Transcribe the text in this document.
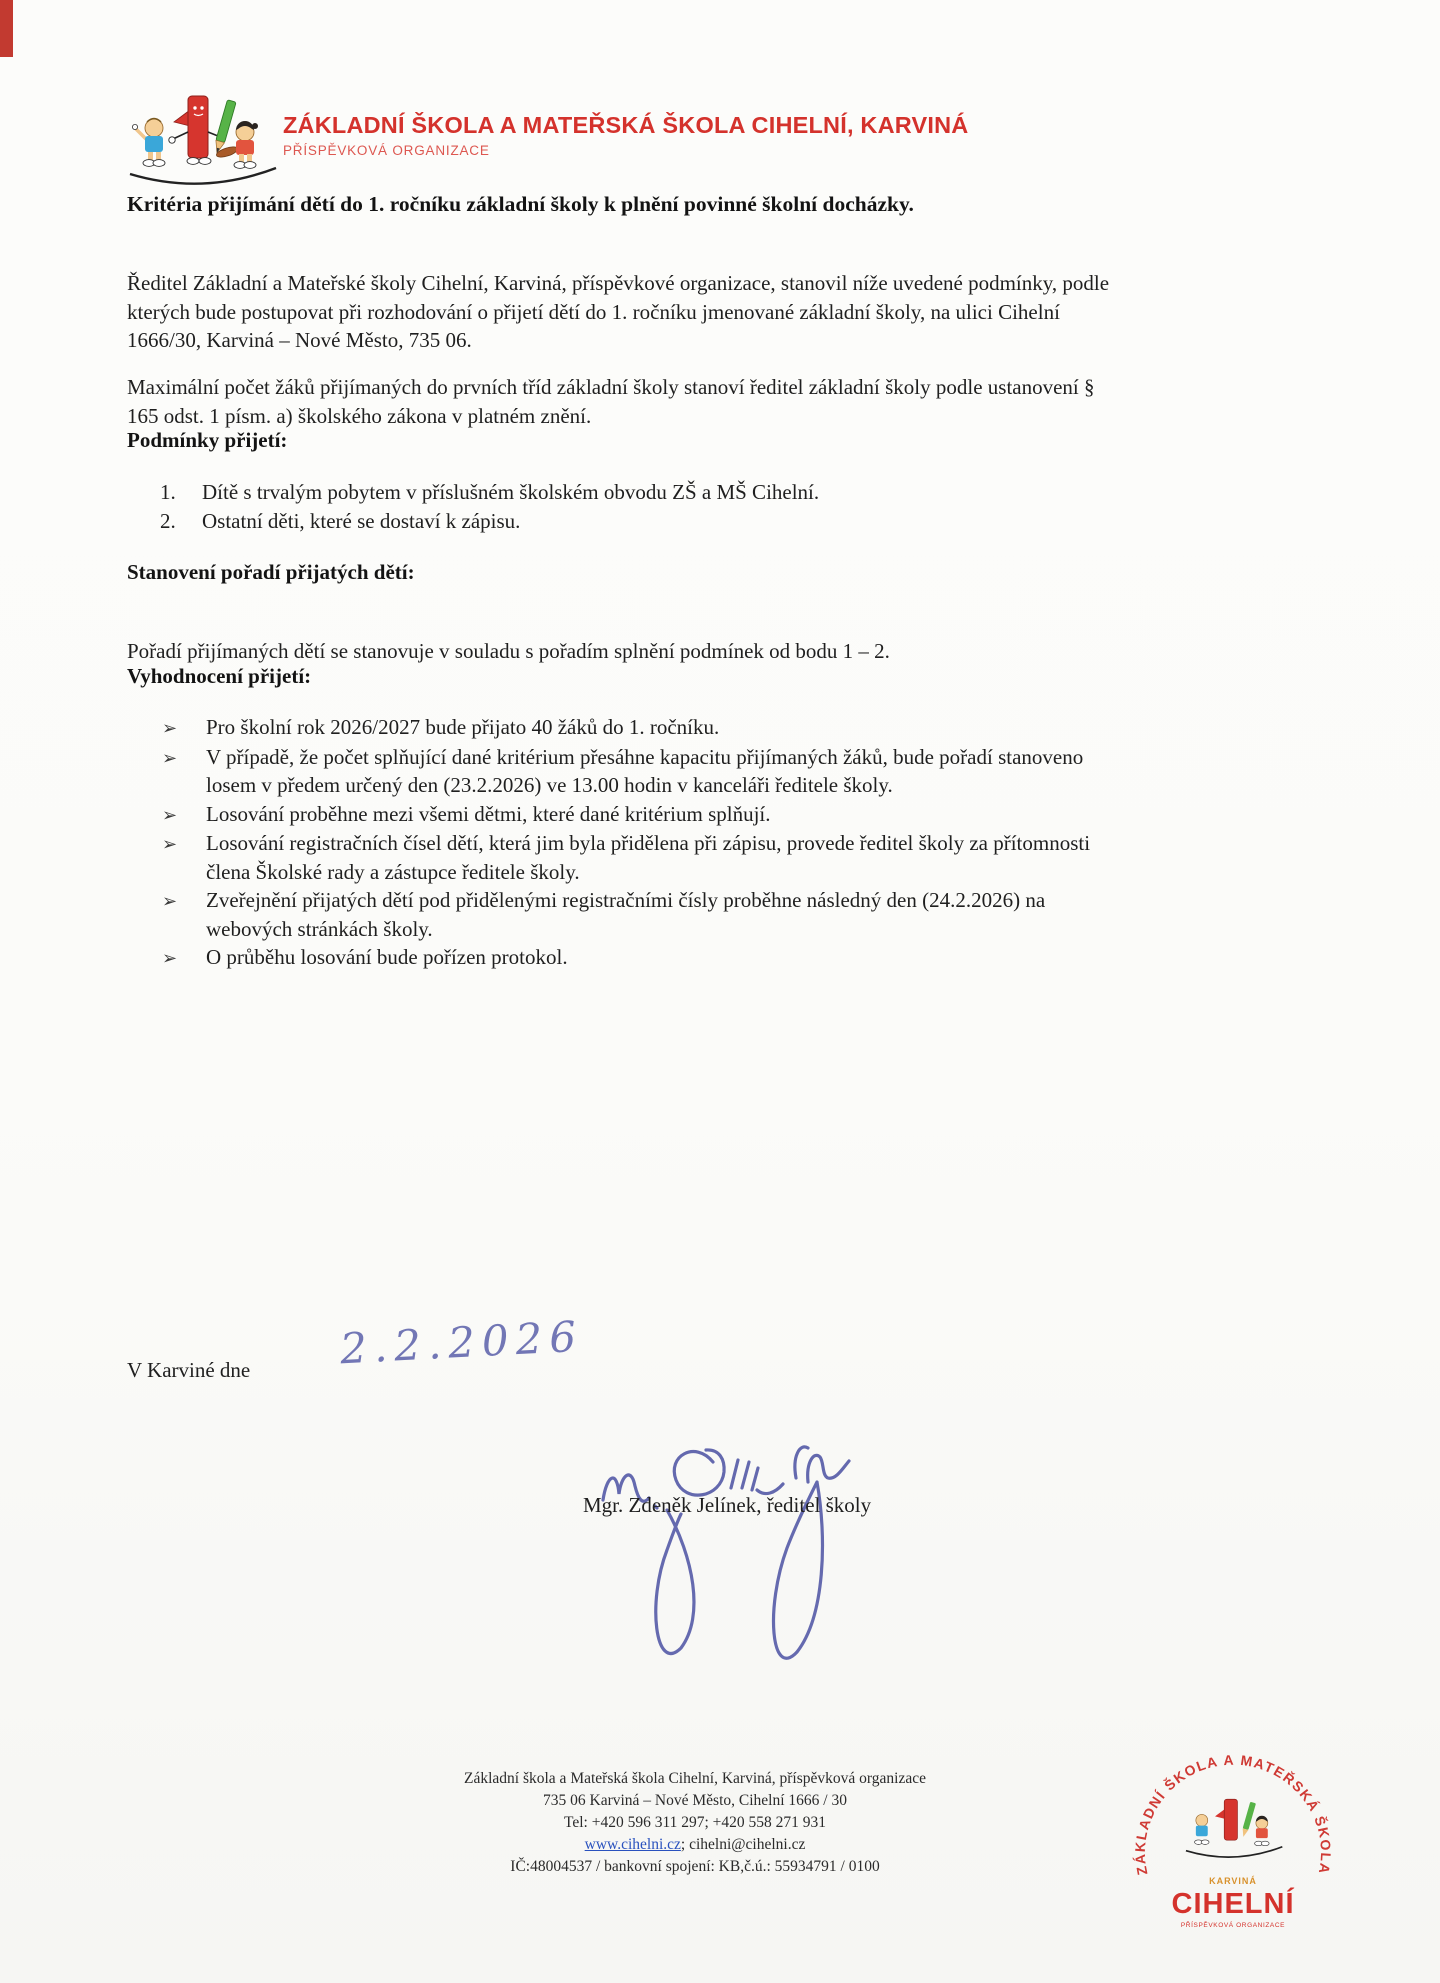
ZÁKLADNÍ ŠKOLA A MATEŘSKÁ ŠKOLA CIHELNÍ, KARVINÁ
PŘÍSPĚVKOVÁ ORGANIZACE
Kritéria přijímání dětí do 1. ročníku základní školy k plnění povinné školní docházky.

Ředitel Základní a Mateřské školy Cihelní, Karviná, příspěvkové organizace, stanovil níže uvedené podmínky, podle kterých bude postupovat při rozhodování o přijetí dětí do 1. ročníku jmenované základní školy, na ulici Cihelní 1666/30, Karviná – Nové Město, 735 06.

Maximální počet žáků přijímaných do prvních tříd základní školy stanoví ředitel základní školy podle ustanovení § 165 odst. 1 písm. a) školského zákona v platném znění.

Podmínky přijetí:
1.	Dítě s trvalým pobytem v příslušném školském obvodu ZŠ a MŠ Cihelní.
2.	Ostatní děti, které se dostaví k zápisu.
Stanovení pořadí přijatých dětí:

Pořadí přijímaných dětí se stanovuje v souladu s pořadím splnění podmínek od bodu 1 – 2.

Vyhodnocení přijetí:
➢	Pro školní rok 2026/2027 bude přijato 40 žáků do 1. ročníku.
➢	V případě, že počet splňující dané kritérium přesáhne kapacitu přijímaných žáků, bude pořadí stanoveno losem v předem určený den (23.2.2026) ve 13.00 hodin v kanceláři ředitele školy.
➢	Losování proběhne mezi všemi dětmi, které dané kritérium splňují.
➢	Losování registračních čísel dětí, která jim byla přidělena při zápisu, provede ředitel školy za přítomnosti člena Školské rady a zástupce ředitele školy.
➢	Zveřejnění přijatých dětí pod přidělenými registračními čísly proběhne následný den (24.2.2026) na webových stránkách školy.
➢	O průběhu losování bude pořízen protokol.
V Karviné dne 2.2.2026
Mgr. Zdeněk Jelínek, ředitel školy
Základní škola a Mateřská škola Cihelní, Karviná, příspěvková organizace
735 06 Karviná – Nové Město, Cihelní 1666 / 30
Tel: +420 596 311 297; +420 558 271 931
www.cihelni.cz; cihelni@cihelni.cz
IČ:48004537 / bankovní spojení: KB,č.ú.: 55934791 / 0100	ZÁKLADNÍ ŠKOLA A MATEŘSKÁ ŠKOLA
KARVINÁ
CIHELNÍ
PŘÍSPĚVKOVÁ ORGANIZACE
